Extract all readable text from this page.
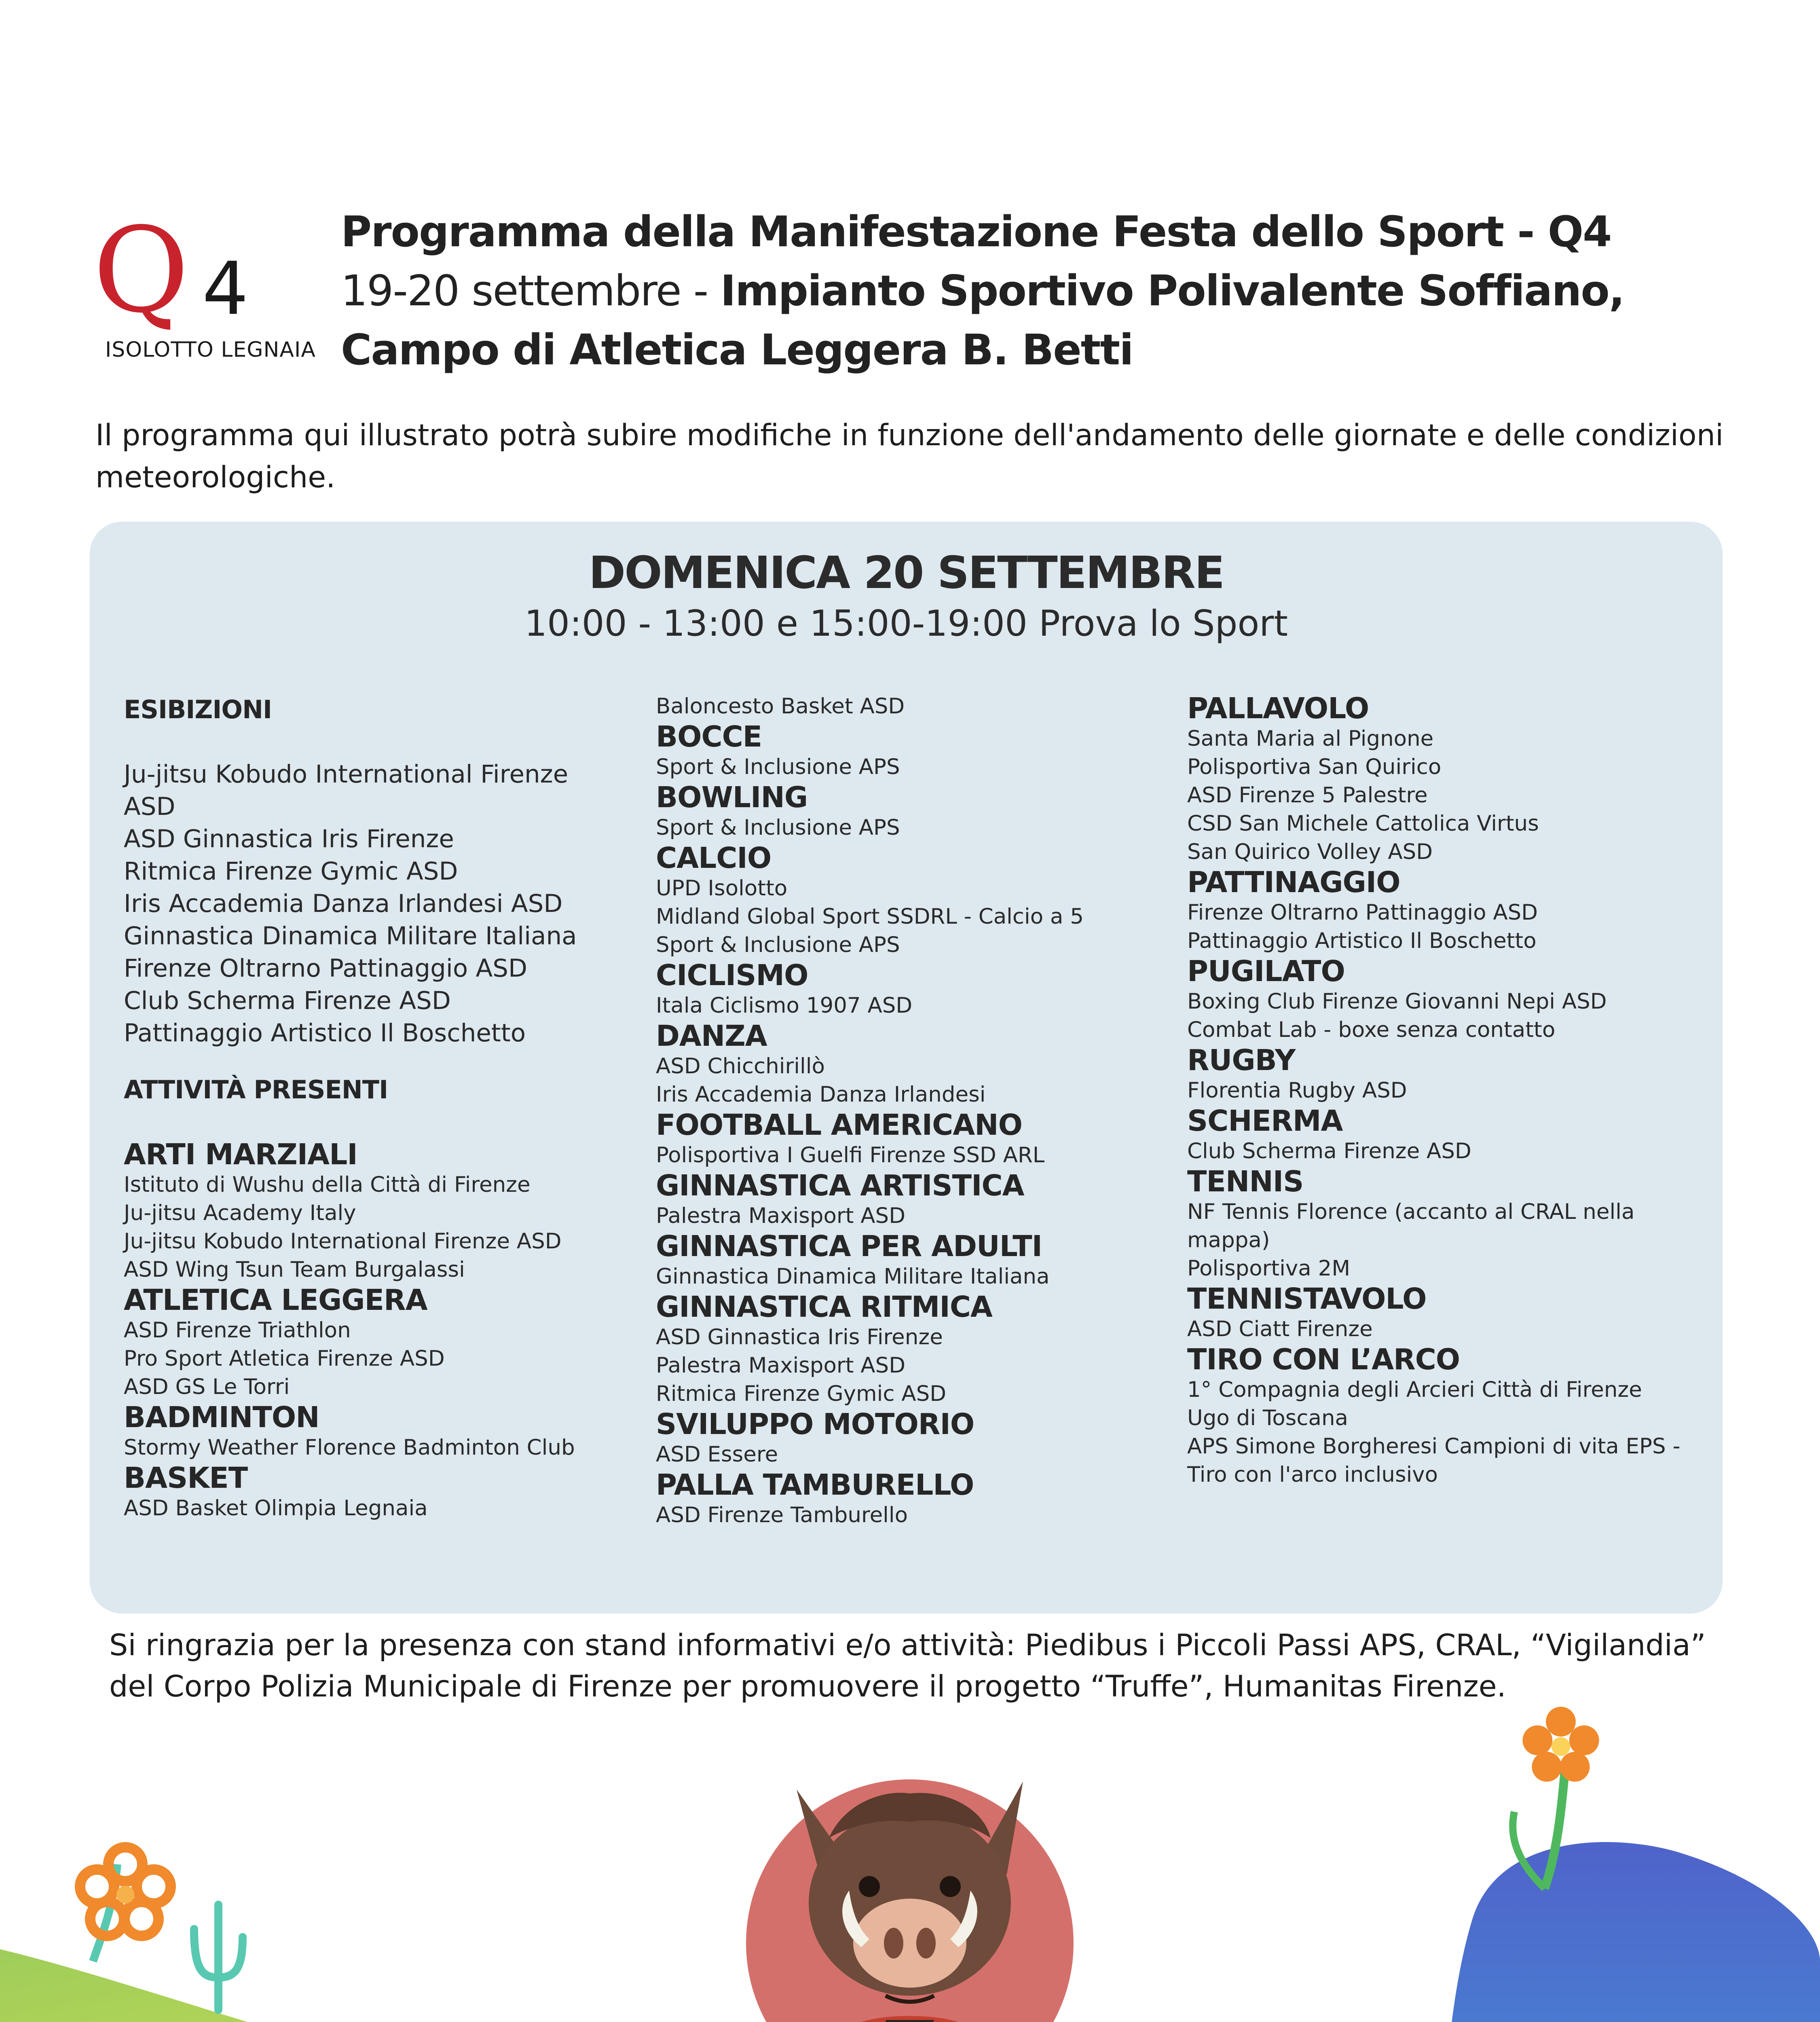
Q 4
ISOLOTTO LEGNAIA
Programma della Manifestazione Festa dello Sport - Q4
19-20 settembre - Impianto Sportivo Polivalente Soffiano,
Campo di Atletica Leggera B. Betti
Il programma qui illustrato potrà subire modifiche in funzione dell'andamento delle giornate e delle condizioni meteorologiche.
DOMENICA 20 SETTEMBRE
10:00 - 13:00 e 15:00-19:00 Prova lo Sport
ESIBIZIONI
Ju-jitsu Kobudo International Firenze ASD
ASD Ginnastica Iris Firenze
Ritmica Firenze Gymic ASD
Iris Accademia Danza Irlandesi ASD
Ginnastica Dinamica Militare Italiana
Firenze Oltrarno Pattinaggio ASD
Club Scherma Firenze ASD
Pattinaggio Artistico Il Boschetto
ATTIVITÀ PRESENTI
ARTI MARZIALI
Istituto di Wushu della Città di Firenze
Ju-jitsu Academy Italy
Ju-jitsu Kobudo International Firenze ASD
ASD Wing Tsun Team Burgalassi
ATLETICA LEGGERA
ASD Firenze Triathlon
Pro Sport Atletica Firenze ASD
ASD GS Le Torri
BADMINTON
Stormy Weather Florence Badminton Club
BASKET
ASD Basket Olimpia Legnaia
Baloncesto Basket ASD
BOCCE
Sport & Inclusione APS
BOWLING
Sport & Inclusione APS
CALCIO
UPD Isolotto
Midland Global Sport SSDRL - Calcio a 5
Sport & Inclusione APS
CICLISMO
Itala Ciclismo 1907 ASD
DANZA
ASD Chicchirillò
Iris Accademia Danza Irlandesi
FOOTBALL AMERICANO
Polisportiva I Guelfi Firenze SSD ARL
GINNASTICA ARTISTICA
Palestra Maxisport ASD
GINNASTICA PER ADULTI
Ginnastica Dinamica Militare Italiana
GINNASTICA RITMICA
ASD Ginnastica Iris Firenze
Palestra Maxisport ASD
Ritmica Firenze Gymic ASD
SVILUPPO MOTORIO
ASD Essere
PALLA TAMBURELLO
ASD Firenze Tamburello
PALLAVOLO
Santa Maria al Pignone
Polisportiva San Quirico
ASD Firenze 5 Palestre
CSD San Michele Cattolica Virtus
San Quirico Volley ASD
PATTINAGGIO
Firenze Oltrarno Pattinaggio ASD
Pattinaggio Artistico Il Boschetto
PUGILATO
Boxing Club Firenze Giovanni Nepi ASD
Combat Lab - boxe senza contatto
RUGBY
Florentia Rugby ASD
SCHERMA
Club Scherma Firenze ASD
TENNIS
NF Tennis Florence (accanto al CRAL nella mappa)
Polisportiva 2M
TENNISTAVOLO
ASD Ciatt Firenze
TIRO CON L’ARCO
1° Compagnia degli Arcieri Città di Firenze
Ugo di Toscana
APS Simone Borgheresi Campioni di vita EPS - Tiro con l'arco inclusivo
Si ringrazia per la presenza con stand informativi e/o attività: Piedibus i Piccoli Passi APS, CRAL, “Vigilandia” del Corpo Polizia Municipale di Firenze per promuovere il progetto “Truffe”, Humanitas Firenze.
